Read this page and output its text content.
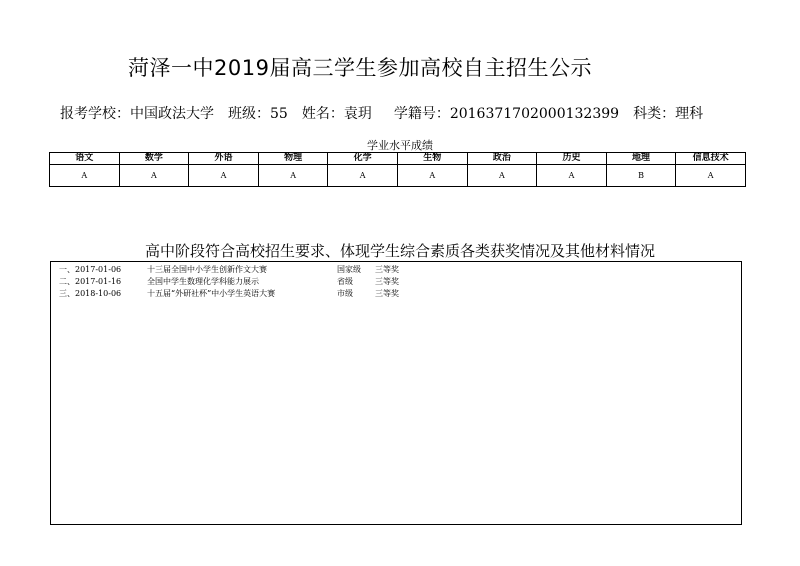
菏泽一中2019届高三学生参加高校自主招生公示
报考学校：中国政法大学 班级：55 姓名：袁玥 学籍号：2016371702000132399 科类：理科
学业水平成绩
语文	数学	外语	物理	化学	生物	政治	历史	地理	信息技术
A	A	A	A	A	A	A	A	B	A
高中阶段符合高校招生要求、体现学生综合素质各类获奖情况及其他材料情况
一、2017-01-06	十三届全国中小学生创新作文大赛	国家级 三等奖
二、2017-01-16	全国中学生数理化学科能力展示	省级	三等奖
三、2018-10-06	十五届“外研社杯”中小学生英语大赛	市级	三等奖
